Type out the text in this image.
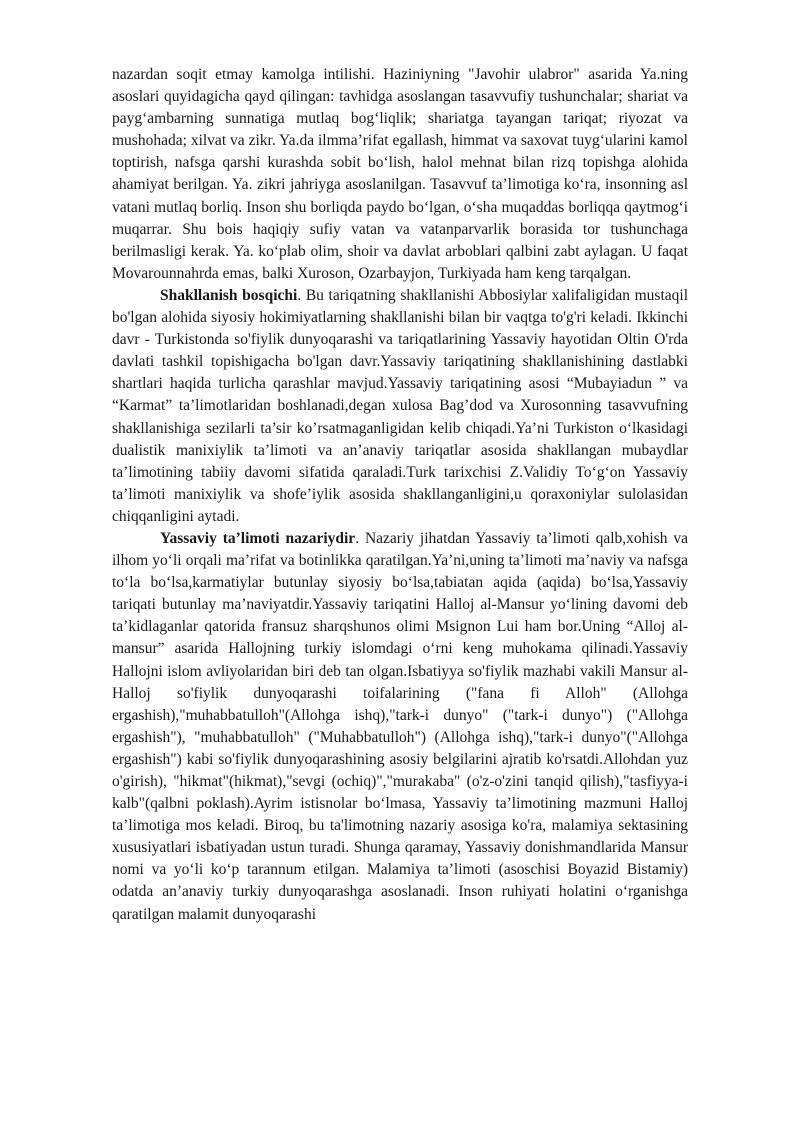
nazardan soqit etmay kamolga intilishi. Haziniyning "Javohir ulabror" asarida Ya.ning asoslari quyidagicha qayd qilingan: tavhidga asoslangan tasavvufiy tushunchalar; shariat va payg‘ambarning sunnatiga mutlaq bog‘liqlik; shariatga tayangan tariqat; riyozat va mushohada; xilvat va zikr. Ya.da ilmma’rifat egallash, himmat va saxovat tuyg‘ularini kamol toptirish, nafsga qarshi kurashda sobit bo‘lish, halol mehnat bilan rizq topishga alohida ahamiyat berilgan. Ya. zikri jahriyga asoslanilgan. Tasavvuf ta’limotiga ko‘ra, insonning asl vatani mutlaq borliq. Inson shu borliqda paydo bo‘lgan, o‘sha muqaddas borliqqa qaytmog‘i muqarrar. Shu bois haqiqiy sufiy vatan va vatanparvarlik borasida tor tushunchaga berilmasligi kerak. Ya. ko‘plab olim, shoir va davlat arboblari qalbini zabt aylagan. U faqat Movarounnahrda emas, balki Xuroson, Ozarbayjon, Turkiyada ham keng tarqalgan.

Shakllanish bosqichi. Bu tariqatning shakllanishi Abbosiylar xalifaligidan mustaqil bo'lgan alohida siyosiy hokimiyatlarning shakllanishi bilan bir vaqtga to'g'ri keladi. Ikkinchi davr - Turkistonda so'fiylik dunyoqarashi va tariqatlarining Yassaviy hayotidan Oltin O'rda davlati tashkil topishigacha bo'lgan davr.Yassaviy tariqatining shakllanishining dastlabki shartlari haqida turlicha qarashlar mavjud.Yassaviy tariqatining asosi “Mubayiadun ” va “Karmat” ta’limotlaridan boshlanadi,degan xulosa Bag’dod va Xurosonning tasavvufning shakllanishiga sezilarli ta’sir ko’rsatmaganligidan kelib chiqadi.Ya’ni Turkiston o‘lkasidagi dualistik manixiylik ta’limoti va an’anaviy tariqatlar asosida shakllangan mubaydlar ta’limotining tabiiy davomi sifatida qaraladi.Turk tarixchisi Z.Validiy To‘g‘on Yassaviy ta’limoti manixiylik va shofe’iylik asosida shakllanganligini,u qoraxoniylar sulolasidan chiqqanligini aytadi.

Yassaviy ta’limoti nazariydir. Nazariy jihatdan Yassaviy ta’limoti qalb,xohish va ilhom yo‘li orqali ma’rifat va botinlikka qaratilgan.Ya’ni,uning ta’limoti ma’naviy va nafsga to‘la bo‘lsa,karmatiylar butunlay siyosiy bo‘lsa,tabiatan aqida (aqida) bo‘lsa,Yassaviy tariqati butunlay ma’naviyatdir.Yassaviy tariqatini Halloj al-Mansur yo‘lining davomi deb ta’kidlaganlar qatorida fransuz sharqshunos olimi Msignon Lui ham bor.Uning “Alloj al-mansur” asarida Hallojning turkiy islomdagi o‘rni keng muhokama qilinadi.Yassaviy Hallojni islom avliyolaridan biri deb tan olgan.Isbatiyya so'fiylik mazhabi vakili Mansur al- Halloj so'fiylik dunyoqarashi toifalarining ("fana fi Alloh" (Allohga ergashish),"muhabbatulloh"(Allohga ishq),"tark-i dunyo" ("tark-i dunyo") ("Allohga ergashish"), "muhabbatulloh" ("Muhabbatulloh") (Allohga ishq),"tark-i dunyo"("Allohga ergashish") kabi so'fiylik dunyoqarashining asosiy belgilarini ajratib ko'rsatdi.Allohdan yuz o'girish), "hikmat"(hikmat),"sevgi (ochiq)","murakaba" (o'z-o'zini tanqid qilish),"tasfiyya-i kalb"(qalbni poklash).Ayrim istisnolar bo‘lmasa, Yassaviy ta’limotining mazmuni Halloj ta’limotiga mos keladi. Biroq, bu ta'limotning nazariy asosiga ko'ra, malamiya sektasining xususiyatlari isbatiyadan ustun turadi. Shunga qaramay, Yassaviy donishmandlarida Mansur nomi va yo‘li ko‘p tarannum etilgan. Malamiya ta’limoti (asoschisi Boyazid Bistamiy) odatda an’anaviy turkiy dunyoqarashga asoslanadi. Inson ruhiyati holatini o‘rganishga qaratilgan malamit dunyoqarashi
